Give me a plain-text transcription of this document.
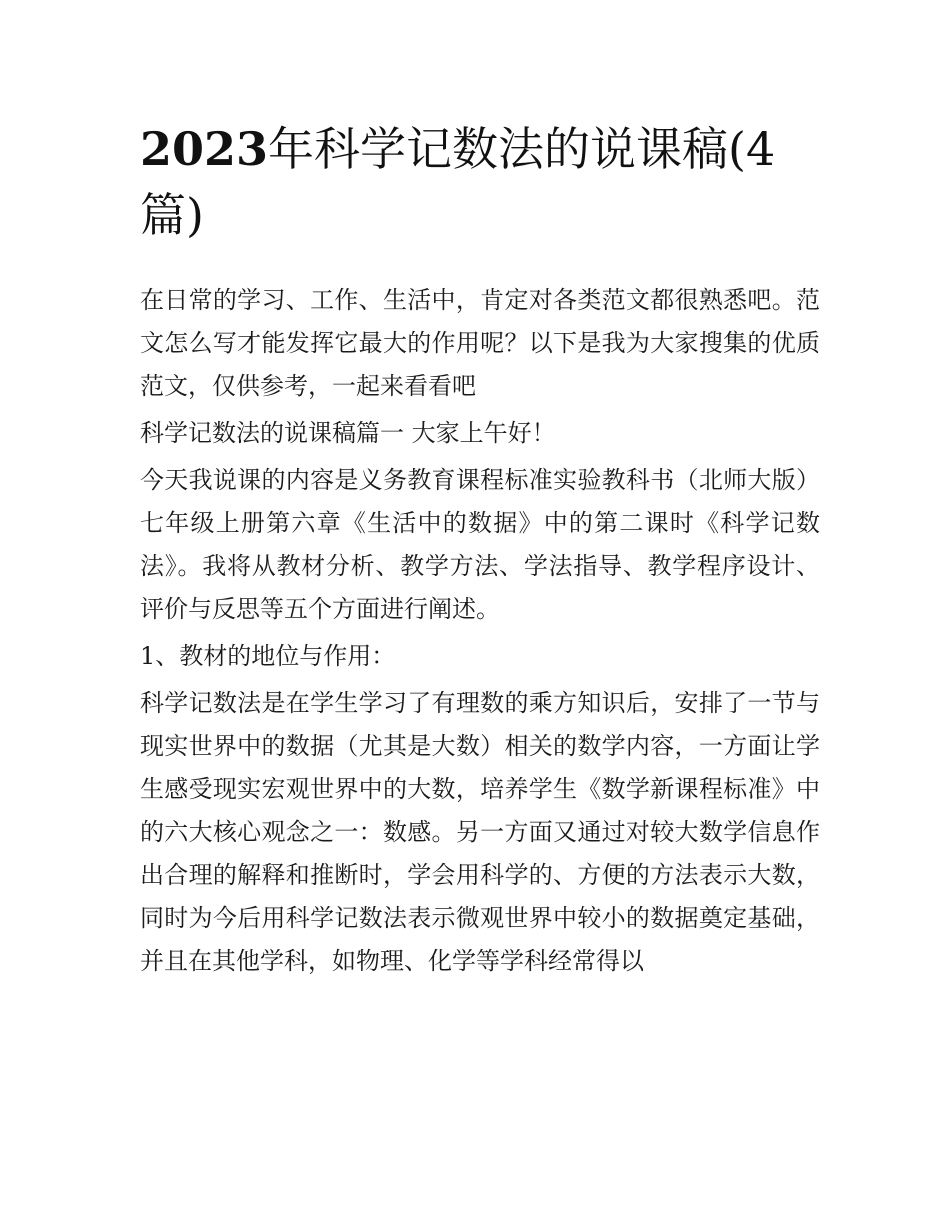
2023年科学记数法的说课稿(4篇)

在日常的学习、工作、生活中，肯定对各类范文都很熟悉吧。范文怎么写才能发挥它最大的作用呢？以下是我为大家搜集的优质范文，仅供参考，一起来看看吧

科学记数法的说课稿篇一 大家上午好！

今天我说课的内容是义务教育课程标准实验教科书（北师大版）七年级上册第六章《生活中的数据》中的第二课时《科学记数法》。我将从教材分析、教学方法、学法指导、教学程序设计、评价与反思等五个方面进行阐述。

1、教材的地位与作用：

科学记数法是在学生学习了有理数的乘方知识后，安排了一节与现实世界中的数据（尤其是大数）相关的数学内容，一方面让学生感受现实宏观世界中的大数，培养学生《数学新课程标准》中的六大核心观念之一：数感。另一方面又通过对较大数学信息作出合理的解释和推断时，学会用科学的、方便的方法表示大数，同时为今后用科学记数法表示微观世界中较小的数据奠定基础，并且在其他学科，如物理、化学等学科经常得以
